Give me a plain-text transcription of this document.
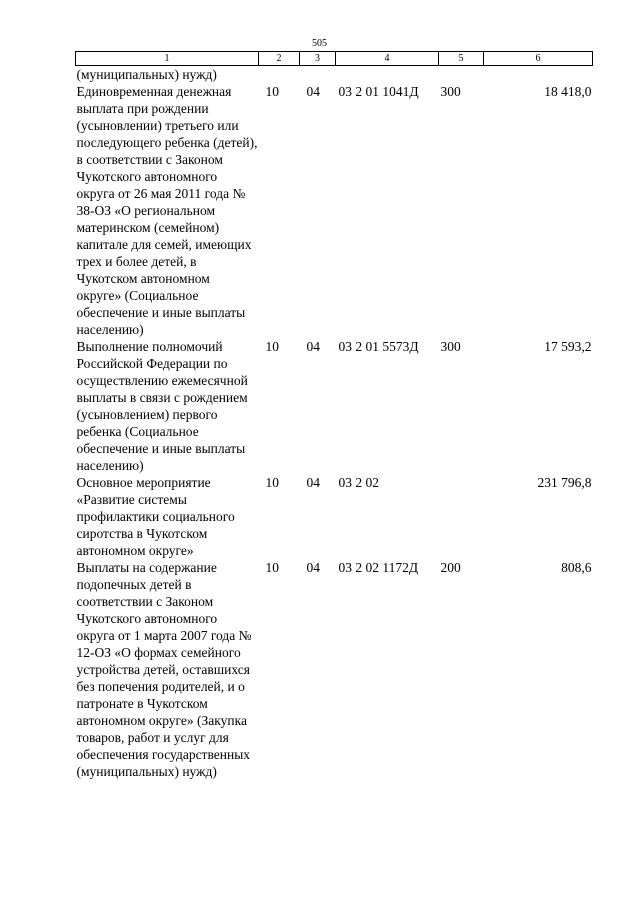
505
1	2	3	4	5	6
(муниципальных) нужд)					
Единовременная денежная выплата при рождении (усыновлении) третьего или последующего ребенка (детей), в соответствии с Законом Чукотского автономного округа от 26 мая 2011 года № 38-ОЗ «О региональном материнском (семейном) капитале для семей, имеющих трех и более детей, в Чукотском автономном округе» (Социальное обеспечение и иные выплаты населению)	10	04	03 2 01 1041Д	300	18 418,0
Выполнение полномочий Российской Федерации по осуществлению ежемесячной выплаты в связи с рождением (усыновлением) первого ребенка (Социальное обеспечение и иные выплаты населению)	10	04	03 2 01 5573Д	300	17 593,2
Основное мероприятие «Развитие системы профилактики социального сиротства в Чукотском автономном округе»	10	04	03 2 02		231 796,8
Выплаты на содержание подопечных детей в соответствии с Законом Чукотского автономного округа от 1 марта 2007 года № 12-ОЗ «О формах семейного устройства детей, оставшихся без попечения родителей, и о патронате в Чукотском автономном округе» (Закупка товаров, работ и услуг для обеспечения государственных (муниципальных) нужд)	10	04	03 2 02 1172Д	200	808,6
